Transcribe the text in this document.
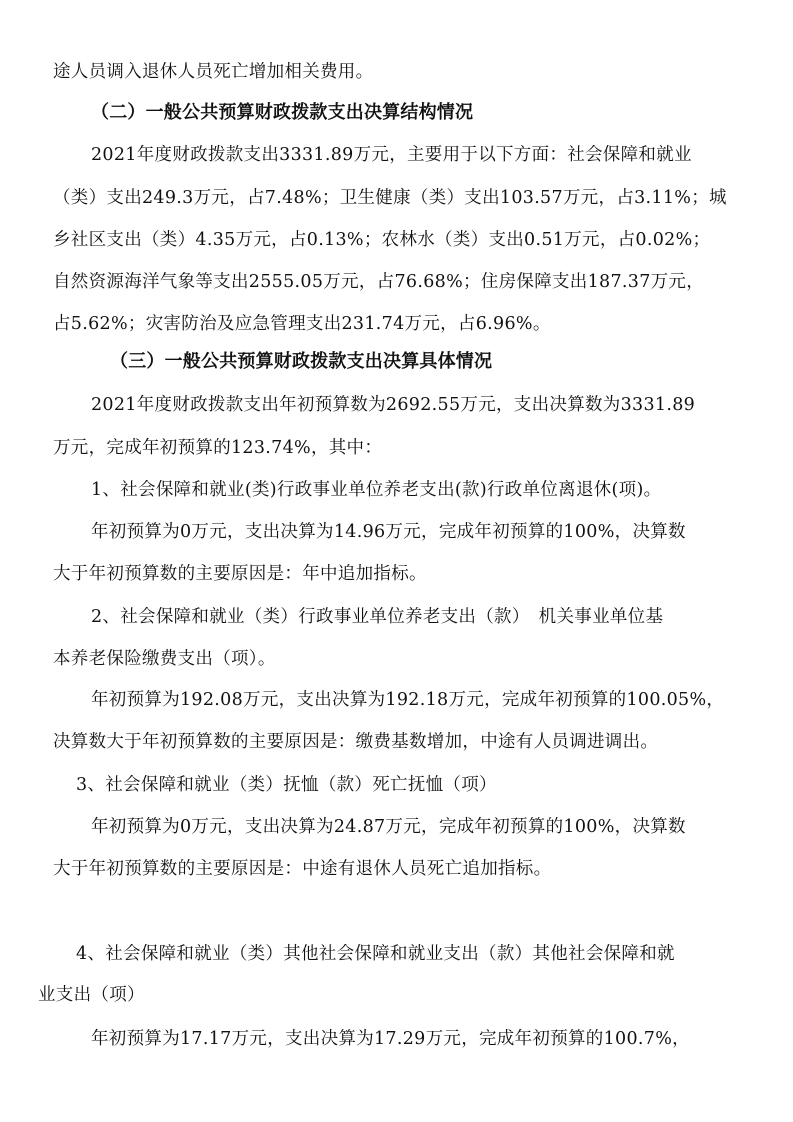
途人员调入退休人员死亡增加相关费用。
（二）一般公共预算财政拨款支出决算结构情况
2021年度财政拨款支出3331.89万元，主要用于以下方面：社会保障和就业
（类）支出249.3万元，占7.48%；卫生健康（类）支出103.57万元，占3.11%；城
乡社区支出（类）4.35万元，占0.13%；农林水（类）支出0.51万元，占0.02%；
自然资源海洋气象等支出2555.05万元，占76.68%；住房保障支出187.37万元，
占5.62%；灾害防治及应急管理支出231.74万元，占6.96%。
（三）一般公共预算财政拨款支出决算具体情况
2021年度财政拨款支出年初预算数为2692.55万元，支出决算数为3331.89
万元，完成年初预算的123.74%，其中：
1、社会保障和就业(类)行政事业单位养老支出(款)行政单位离退休(项)。
年初预算为0万元，支出决算为14.96万元，完成年初预算的100%，决算数
大于年初预算数的主要原因是：年中追加指标。
2、社会保障和就业（类）行政事业单位养老支出（款）　机关事业单位基
本养老保险缴费支出（项）。
年初预算为192.08万元，支出决算为192.18万元，完成年初预算的100.05%，
决算数大于年初预算数的主要原因是：缴费基数增加，中途有人员调进调出。
3、社会保障和就业（类）抚恤（款）死亡抚恤（项）
年初预算为0万元，支出决算为24.87万元，完成年初预算的100%，决算数
大于年初预算数的主要原因是：中途有退休人员死亡追加指标。
4、社会保障和就业（类）其他社会保障和就业支出（款）其他社会保障和就
业支出（项）
年初预算为17.17万元，支出决算为17.29万元，完成年初预算的100.7%，
